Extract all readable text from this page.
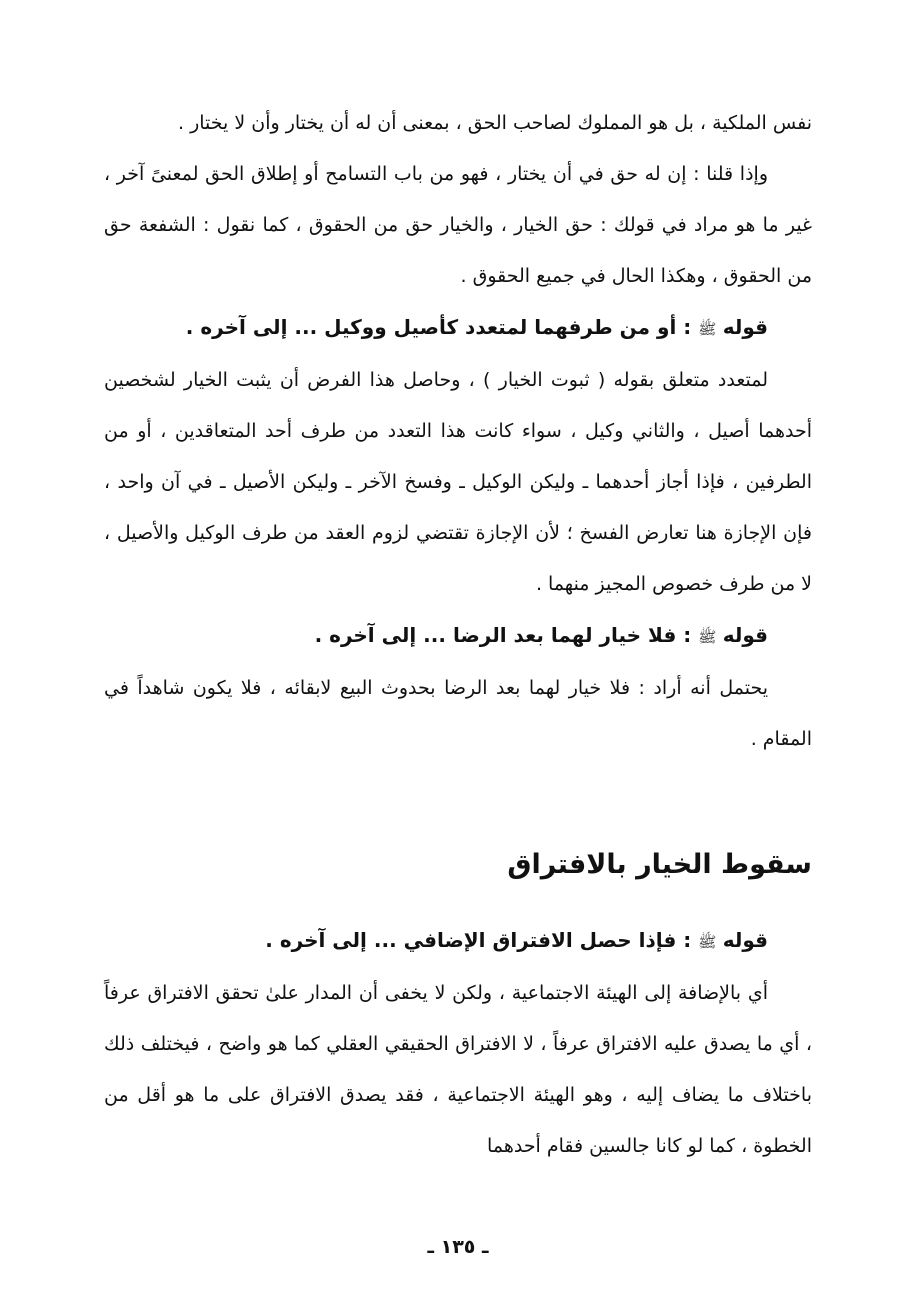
نفس الملكية ، بل هو المملوك لصاحب الحق ، بمعنى أن له أن يختار وأن لا يختار .

وإذا قلنا : إن له حق في أن يختار ، فهو من باب التسامح أو إطلاق الحق لمعنىً آخر ، غير ما هو مراد في قولك : حق الخيار ، والخيار حق من الحقوق ، كما نقول : الشفعة حق من الحقوق ، وهكذا الحال في جميع الحقوق .

قوله ﷺ : أو من طرفهما لمتعدد كأصيل ووكيل ... إلى آخره .

لمتعدد متعلق بقوله ( ثبوت الخيار ) ، وحاصل هذا الفرض أن يثبت الخيار لشخصين أحدهما أصيل ، والثاني وكيل ، سواء كانت هذا التعدد من طرف أحد المتعاقدين ، أو من الطرفين ، فإذا أجاز أحدهما ـ وليكن الوكيل ـ وفسخ الآخر ـ وليكن الأصيل ـ في آن واحد ، فإن الإجازة هنا تعارض الفسخ ؛ لأن الإجازة تقتضي لزوم العقد من طرف الوكيل والأصيل ، لا من طرف خصوص المجيز منهما .

قوله ﷺ : فلا خيار لهما بعد الرضا ... إلى آخره .

يحتمل أنه أراد : فلا خيار لهما بعد الرضا بحدوث البيع لابقائه ، فلا يكون شاهداً في المقام .

سقوط الخيار بالافتراق

قوله ﷺ : فإذا حصل الافتراق الإضافي ... إلى آخره .

أي بالإضافة إلى الهيئة الاجتماعية ، ولكن لا يخفى أن المدار علىٰ تحقق الافتراق عرفاً ، أي ما يصدق عليه الافتراق عرفاً ، لا الافتراق الحقيقي العقلي كما هو واضح ، فيختلف ذلك باختلاف ما يضاف إليه ، وهو الهيئة الاجتماعية ، فقد يصدق الافتراق على ما هو أقل من الخطوة ، كما لو كانا جالسين فقام أحدهما

ـ ١٣٥ ـ
